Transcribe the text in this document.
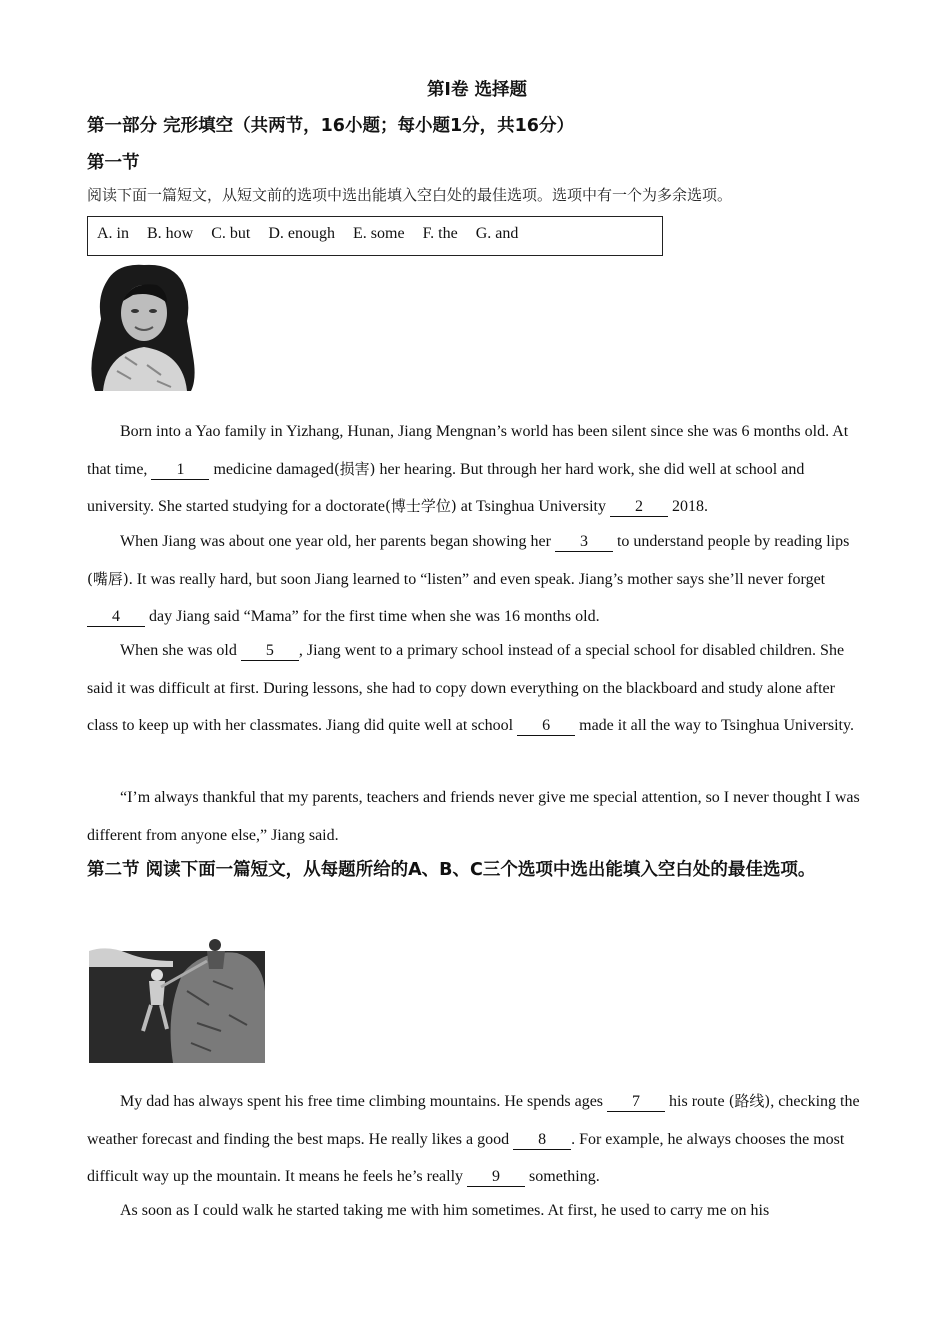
第Ⅰ卷 选择题
第一部分 完形填空（共两节，16小题；每小题1分，共16分）
第一节
阅读下面一篇短文，从短文前的选项中选出能填入空白处的最佳选项。选项中有一个为多余选项。
A. in B. how C. but D. enough E. some F. the G. and

Born into a Yao family in Yizhang, Hunan, Jiang Mengnan’s world has been silent since she was 6 months old. At that time, 1 medicine damaged(损害) her hearing. But through her hard work, she did well at school and university. She started studying for a doctorate(博士学位) at Tsinghua University 2 2018.

When Jiang was about one year old, her parents began showing her 3 to understand people by reading lips (嘴唇). It was really hard, but soon Jiang learned to “listen” and even speak. Jiang’s mother says she’ll never forget 4 day Jiang said “Mama” for the first time when she was 16 months old.

When she was old 5 , Jiang went to a primary school instead of a special school for disabled children. She said it was difficult at first. During lessons, she had to copy down everything on the blackboard and study alone after class to keep up with her classmates. Jiang did quite well at school 6 made it all the way to Tsinghua University.

“I’m always thankful that my parents, teachers and friends never give me special attention, so I never thought I was different from anyone else,” Jiang said.

第二节 阅读下面一篇短文，从每题所给的A、B、C三个选项中选出能填入空白处的最佳选项。

My dad has always spent his free time climbing mountains. He spends ages 7 his route (路线), checking the weather forecast and finding the best maps. He really likes a good 8 . For example, he always chooses the most difficult way up the mountain. It means he feels he’s really 9 something.

As soon as I could walk he started taking me with him sometimes. At first, he used to carry me on his
